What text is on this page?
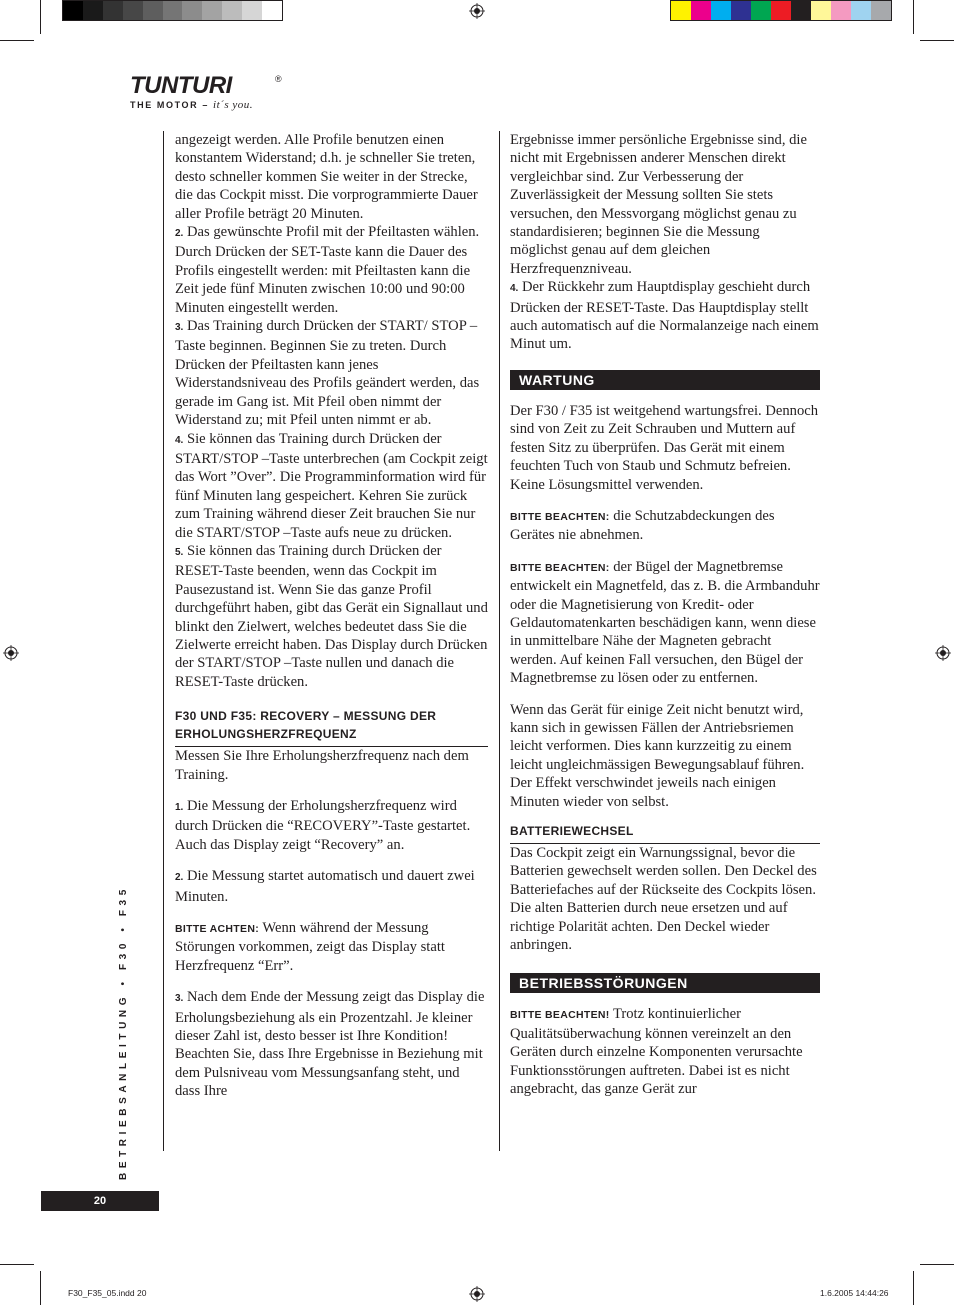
TUNTURI	®
THE MOTOR – it´s you.

angezeigt werden. Alle Profile benutzen einen konstantem Widerstand; d.h. je schneller Sie treten, desto schneller kommen Sie weiter in der Strecke, die das Cockpit misst. Die vorprogrammierte Dauer aller Profile beträgt 20 Minuten.

2. Das gewünschte Profil mit der Pfeiltasten wählen. Durch Drücken der SET-Taste kann die Dauer des Profils eingestellt werden: mit Pfeiltasten kann die Zeit jede fünf Minuten zwischen 10:00 und 90:00 Minuten eingestellt werden.

3. Das Training durch Drücken der START/ STOP –Taste beginnen. Beginnen Sie zu treten. Durch Drücken der Pfeiltasten kann jenes Widerstandsniveau des Profils geändert werden, das gerade im Gang ist. Mit Pfeil oben nimmt der Widerstand zu; mit Pfeil unten nimmt er ab.

4. Sie können das Training durch Drücken der START/STOP –Taste unterbrechen (am Cockpit zeigt das Wort ”Over”. Die Programminformation wird für fünf Minuten lang gespeichert. Kehren Sie zurück zum Training während dieser Zeit brauchen Sie nur die START/STOP –Taste aufs neue zu drücken.

5. Sie können das Training durch Drücken der RESET-Taste beenden, wenn das Cockpit im Pausezustand ist. Wenn Sie das ganze Profil durchgeführt haben, gibt das Gerät ein Signallaut und blinkt den Zielwert, welches bedeutet dass Sie die Zielwerte erreicht haben. Das Display durch Drücken der START/STOP –Taste nullen und danach die RESET-Taste drücken.

F30 UND F35: RECOVERY – MESSUNG DER ERHOLUNGSHERZFREQUENZ

Messen Sie Ihre Erholungsherzfrequenz nach dem Training.

1. Die Messung der Erholungsherzfrequenz wird durch Drücken die “RECOVERY”-Taste gestartet. Auch das Display zeigt “Recovery” an.

2. Die Messung startet automatisch und dauert zwei Minuten.

BITTE ACHTEN: Wenn während der Messung Störungen vorkommen, zeigt das Display statt Herzfrequenz “Err”.

3. Nach dem Ende der Messung zeigt das Display die Erholungsbeziehung als ein Prozentzahl. Je kleiner dieser Zahl ist, desto besser ist Ihre Kondition! Beachten Sie, dass Ihre Ergebnisse in Beziehung mit dem Pulsniveau vom Messungsanfang steht, und dass Ihre

Ergebnisse immer persönliche Ergebnisse sind, die nicht mit Ergebnissen anderer Menschen direkt vergleichbar sind. Zur Verbesserung der Zuverlässigkeit der Messung sollten Sie stets versuchen, den Messvorgang möglichst genau zu standardisieren; beginnen Sie die Messung möglichst genau auf dem gleichen Herzfrequenzniveau.

4. Der Rückkehr zum Hauptdisplay geschieht durch Drücken der RESET-Taste. Das Hauptdisplay stellt auch automatisch auf die Normalanzeige nach einem Minut um.

WARTUNG

Der F30 / F35 ist weitgehend wartungsfrei. Dennoch sind von Zeit zu Zeit Schrauben und Muttern auf festen Sitz zu überprüfen. Das Gerät mit einem feuchten Tuch von Staub und Schmutz befreien. Keine Lösungsmittel verwenden.

BITTE BEACHTEN: die Schutzabdeckungen des Gerätes nie abnehmen.

BITTE BEACHTEN: der Bügel der Magnetbremse entwickelt ein Magnetfeld, das z. B. die Armbanduhr oder die Magnetisierung von Kredit- oder Geldautomatenkarten beschädigen kann, wenn diese in unmittelbare Nähe der Magneten gebracht werden. Auf keinen Fall versuchen, den Bügel der Magnetbremse zu lösen oder zu entfernen.

Wenn das Gerät für einige Zeit nicht benutzt wird, kann sich in gewissen Fällen der Antriebsriemen leicht verformen. Dies kann kurzzeitig zu einem leicht ungleichmässigen Bewegungsablauf führen. Der Effekt verschwindet jeweils nach einigen Minuten wieder von selbst.

BATTERIEWECHSEL

Das Cockpit zeigt ein Warnungssignal, bevor die Batterien gewechselt werden sollen. Den Deckel des Batteriefaches auf der Rückseite des Cockpits lösen. Die alten Batterien durch neue ersetzen und auf richtige Polarität achten. Den Deckel wieder anbringen.

BETRIEBSSTÖRUNGEN

BITTE BEACHTEN! Trotz kontinuierlicher Qualitätsüberwachung können vereinzelt an den Geräten durch einzelne Komponenten verursachte Funktionsstörungen auftreten. Dabei ist es nicht angebracht, das ganze Gerät zur

BETRIEBSANLEITUNG • F30 • F35
20
F30_F35_05.indd 20	1.6.2005 14:44:26
